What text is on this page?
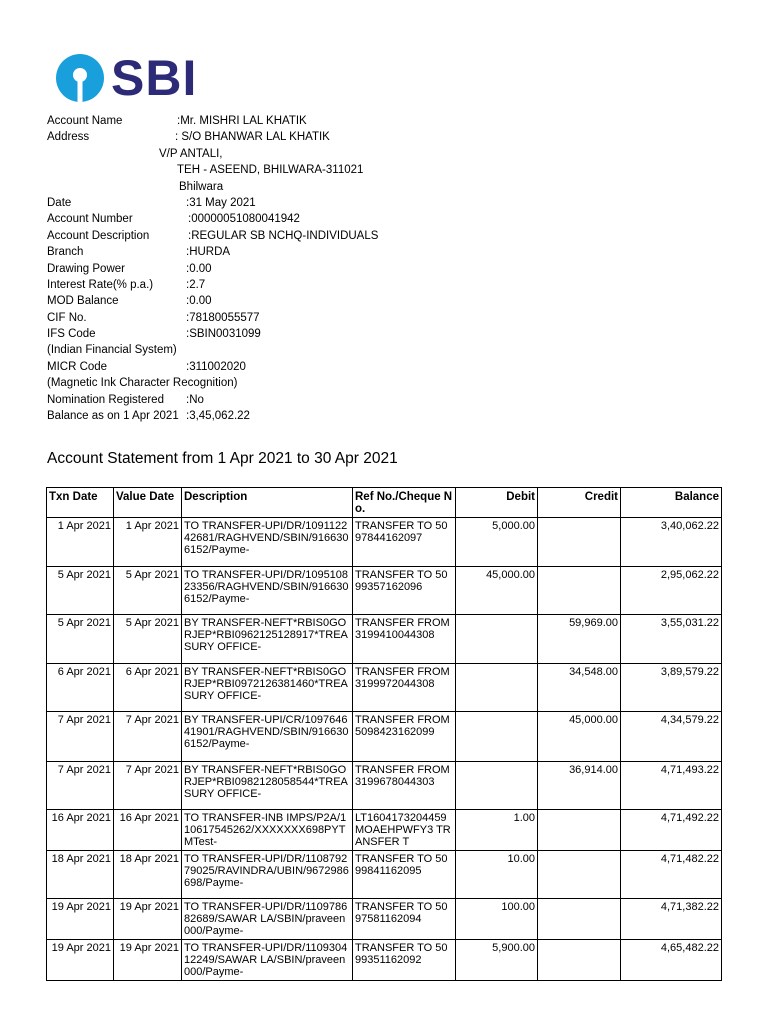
SBI
Account Name	:Mr. MISHRI LAL KHATIK
Address	: S/O BHANWAR LAL KHATIK
V/P ANTALI,
TEH - ASEEND, BHILWARA-311021
Bhilwara
Date	:31 May 2021
Account Number	:00000051080041942
Account Description	:REGULAR SB NCHQ-INDIVIDUALS
Branch	:HURDA
Drawing Power	:0.00
Interest Rate(% p.a.)	:2.7
MOD Balance	:0.00
CIF No.	:78180055577
IFS Code	:SBIN0031099
(Indian Financial System)
MICR Code	:311002020
(Magnetic Ink Character Recognition)
Nomination Registered :No
Balance as on 1 Apr 2021 :3,45,062.22
Account Statement from 1 Apr 2021 to 30 Apr 2021
Txn Date	Value Date	Description	Ref No./Cheque No.	Debit	Credit	Balance
1 Apr 2021	1 Apr 2021	TO TRANSFER-UPI/DR/109112242681/RAGHVEND/SBIN/9166306152/Payme-	TRANSFER TO 5097844162097	5,000.00		3,40,062.22
5 Apr 2021	5 Apr 2021	TO TRANSFER-UPI/DR/109510823356/RAGHVEND/SBIN/9166306152/Payme-	TRANSFER TO 5099357162096	45,000.00		2,95,062.22
5 Apr 2021	5 Apr 2021	BY TRANSFER-NEFT*RBIS0GORJEP*RBI0962125128917*TREASURY OFFICE-	TRANSFER FROM 3199410044308		59,969.00	3,55,031.22
6 Apr 2021	6 Apr 2021	BY TRANSFER-NEFT*RBIS0GORJEP*RBI0972126381460*TREASURY OFFICE-	TRANSFER FROM 3199972044308		34,548.00	3,89,579.22
7 Apr 2021	7 Apr 2021	BY TRANSFER-UPI/CR/109764641901/RAGHVEND/SBIN/9166306152/Payme-	TRANSFER FROM 5098423162099		45,000.00	4,34,579.22
7 Apr 2021	7 Apr 2021	BY TRANSFER-NEFT*RBIS0GORJEP*RBI0982128058544*TREASURY OFFICE-	TRANSFER FROM 3199678044303		36,914.00	4,71,493.22
16 Apr 2021	16 Apr 2021	TO TRANSFER-INB IMPS/P2A/110617545262/XXXXXXX698PYTMTest-	LT1604173204459MOAEHPWFY3 TRANSFER T	1.00		4,71,492.22
18 Apr 2021	18 Apr 2021	TO TRANSFER-UPI/DR/110879279025/RAVINDRA/UBIN/9672986698/Payme-	TRANSFER TO 5099841162095	10.00		4,71,482.22
19 Apr 2021	19 Apr 2021	TO TRANSFER-UPI/DR/110978682689/SAWAR LA/SBIN/praveen000/Payme-	TRANSFER TO 5097581162094	100.00		4,71,382.22
19 Apr 2021	19 Apr 2021	TO TRANSFER-UPI/DR/110930412249/SAWAR LA/SBIN/praveen000/Payme-	TRANSFER TO 5099351162092	5,900.00		4,65,482.22
